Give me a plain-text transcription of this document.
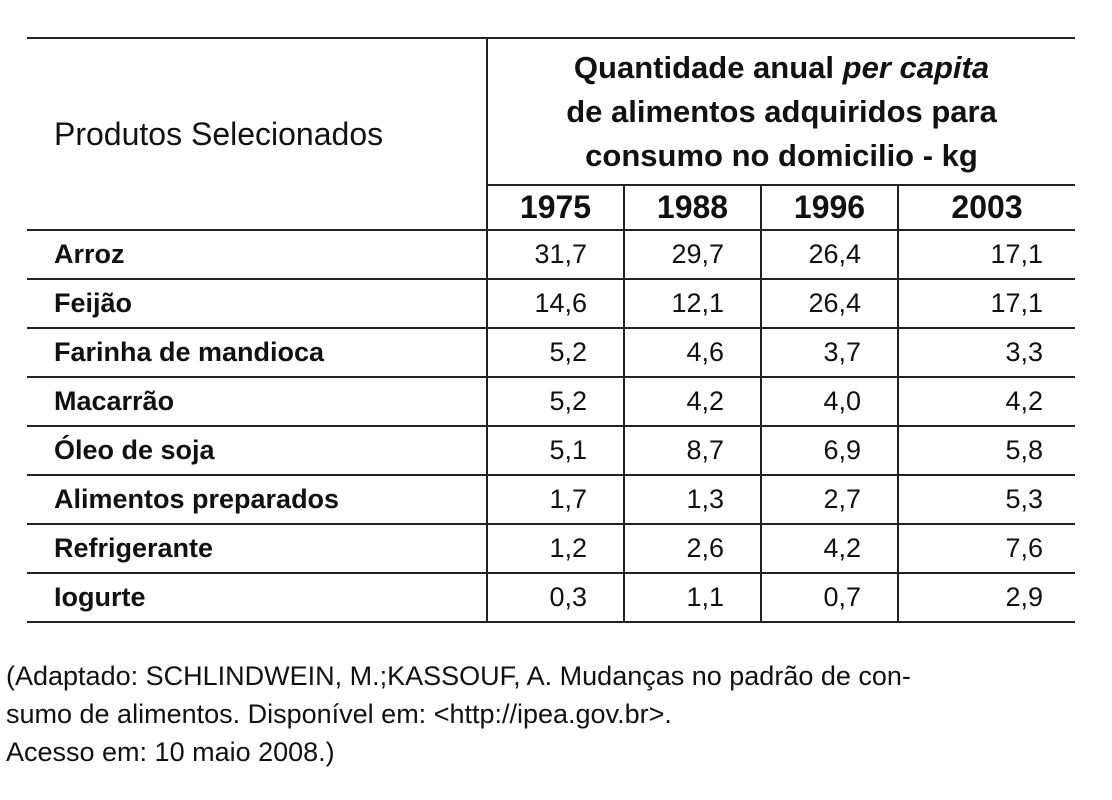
Produtos Selecionados	Quantidade anual per capita
de alimentos adquiridos para
consumo no domicilio - kg			

	1975	1988	1996	2003
Arroz	31,7	29,7	26,4	17,1
Feijão	14,6	12,1	26,4	17,1
Farinha de mandioca	5,2	4,6	3,7	3,3
Macarrão	5,2	4,2	4,0	4,2
Óleo de soja	5,1	8,7	6,9	5,8
Alimentos preparados	1,7	1,3	2,7	5,3
Refrigerante	1,2	2,6	4,2	7,6
Iogurte	0,3	1,1	0,7	2,9
(Adaptado: SCHLINDWEIN, M.;KASSOUF, A. Mudanças no padrão de con-
sumo de alimentos. Disponível em: <http://ipea.gov.br>.
Acesso em: 10 maio 2008.)
